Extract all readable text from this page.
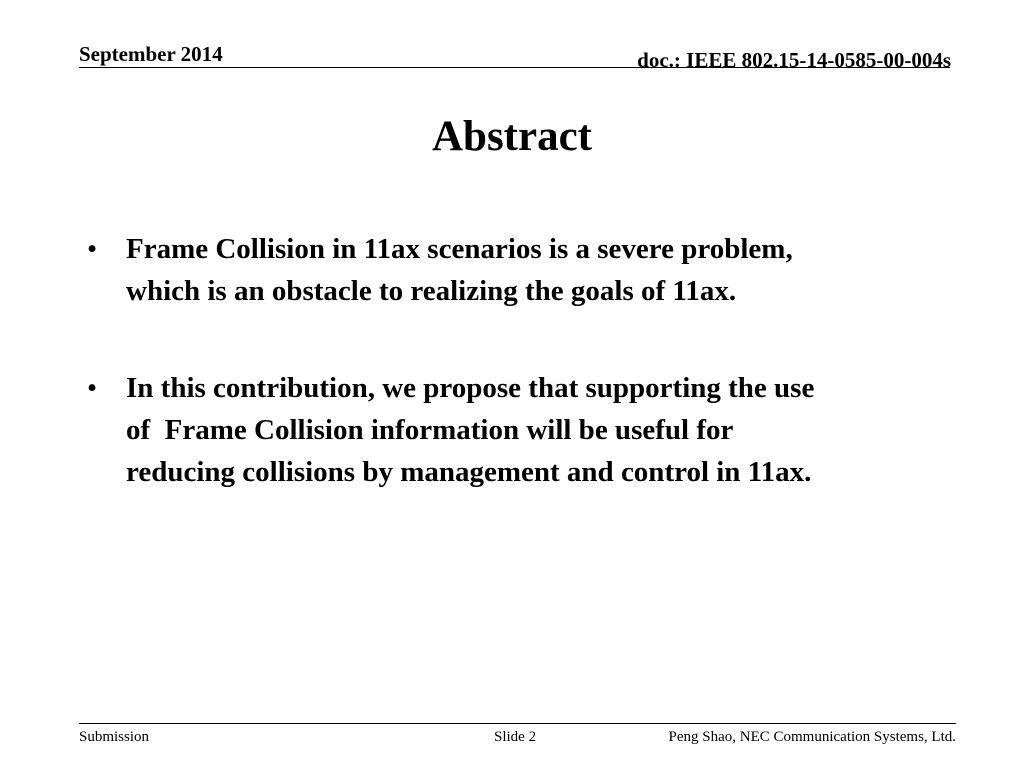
September 2014	doc.: IEEE 802.15-14-0585-00-004s
Abstract
• Frame Collision in 11ax scenarios is a severe problem,
which is an obstacle to realizing the goals of 11ax.
• In this contribution, we propose that supporting the use
of  Frame Collision information will be useful for
reducing collisions by management and control in 11ax.
Submission	Slide 2	Peng Shao, NEC Communication Systems, Ltd.
